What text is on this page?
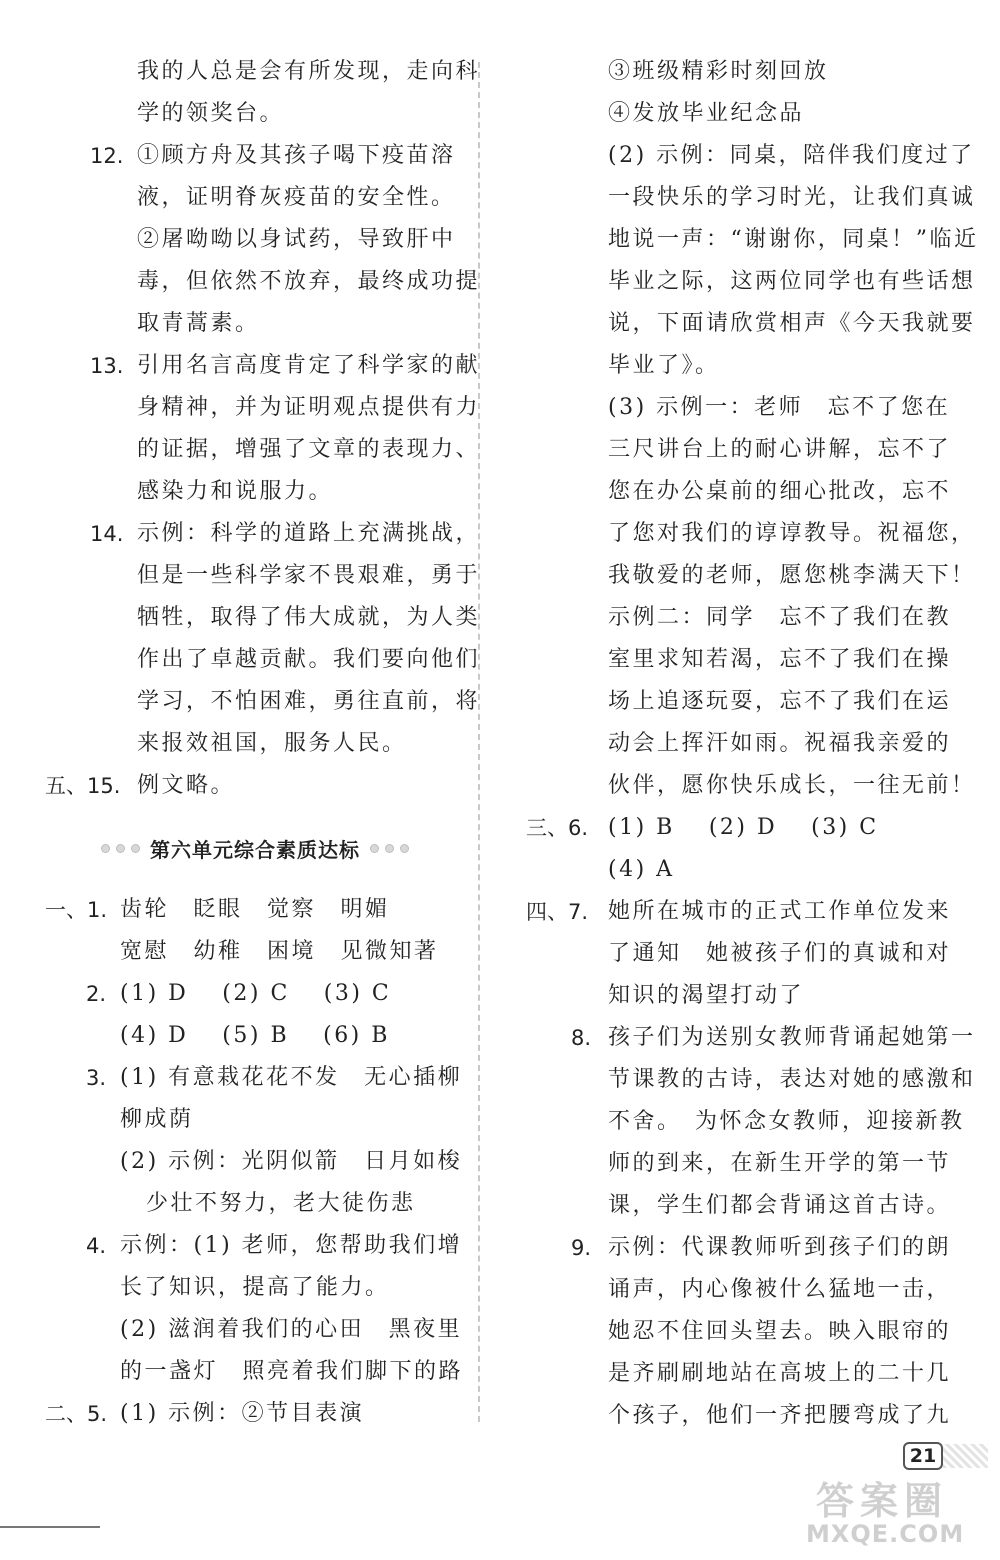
我的人总是会有所发现，走向科
学的领奖台。
12. ①顾方舟及其孩子喝下疫苗溶
液，证明脊灰疫苗的安全性。
②屠呦呦以身试药，导致肝中
毒，但依然不放弃，最终成功提
取青蒿素。
13. 引用名言高度肯定了科学家的献
身精神，并为证明观点提供有力
的证据，增强了文章的表现力、
感染力和说服力。
14. 示例：科学的道路上充满挑战，
但是一些科学家不畏艰难，勇于
牺牲，取得了伟大成就，为人类
作出了卓越贡献。我们要向他们
学习，不怕困难，勇往直前，将
来报效祖国，服务人民。
五、15. 例文略。
第六单元综合素质达标
一、1. 齿轮　眨眼　觉察　明媚
宽慰　幼稚　困境　见微知著
2. (1) D　 (2) C　 (3) C
(4) D　 (5) B　 (6) B
3. (1) 有意栽花花不发　无心插柳
柳成荫
(2) 示例：光阴似箭　日月如梭
少壮不努力，老大徒伤悲
4. 示例：(1) 老师，您帮助我们增
长了知识，提高了能力。
(2) 滋润着我们的心田　黑夜里
的一盏灯　照亮着我们脚下的路
二、5. (1) 示例：②节目表演
③班级精彩时刻回放
④发放毕业纪念品
(2) 示例：同桌，陪伴我们度过了
一段快乐的学习时光，让我们真诚
地说一声：“谢谢你，同桌！”临近
毕业之际，这两位同学也有些话想
说，下面请欣赏相声《今天我就要
毕业了》。
(3) 示例一：老师　忘不了您在
三尺讲台上的耐心讲解，忘不了
您在办公桌前的细心批改，忘不
了您对我们的谆谆教导。祝福您，
我敬爱的老师，愿您桃李满天下！
示例二：同学　忘不了我们在教
室里求知若渴，忘不了我们在操
场上追逐玩耍，忘不了我们在运
动会上挥汗如雨。祝福我亲爱的
伙伴，愿你快乐成长，一往无前！
三、6. (1) B　 (2) D　 (3) C
(4) A
四、7. 她所在城市的正式工作单位发来
了通知　她被孩子们的真诚和对
知识的渴望打动了
8. 孩子们为送别女教师背诵起她第一
节课教的古诗，表达对她的感激和
不舍。　为怀念女教师，迎接新教
师的到来，在新生开学的第一节
课，学生们都会背诵这首古诗。
9. 示例：代课教师听到孩子们的朗
诵声，内心像被什么猛地一击，
她忍不住回头望去。映入眼帘的
是齐刷刷地站在高坡上的二十几
个孩子，他们一齐把腰弯成了九
21
答案圈
MXQE.COM
